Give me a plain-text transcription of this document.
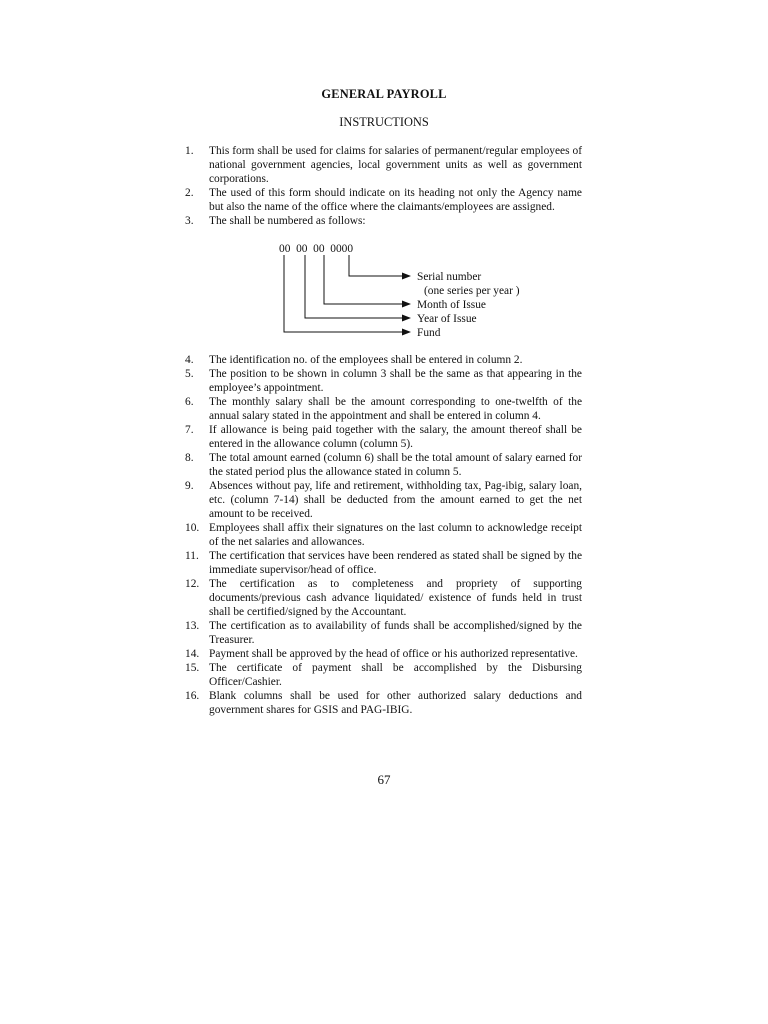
GENERAL PAYROLL
INSTRUCTIONS
1.	This form shall be used for claims for salaries of permanent/regular employees of national government agencies, local government units as well as government corporations.
2.	The used of this form should indicate on its heading not only the Agency name but also the name of the office where the claimants/employees are assigned.
3.	The shall be numbered as follows:
00  00  00  0000
Serial number
(one series per year )
Month of Issue
Year of Issue
Fund
4.	The identification no. of the employees shall be entered in column 2.
5.	The position to be shown in column 3 shall be the same as that appearing in the employee’s appointment.
6.	The monthly salary shall be the amount corresponding to one-twelfth of the annual salary stated in the appointment and shall be entered in column 4.
7.	If allowance is being paid together with the salary, the amount thereof shall be entered in the allowance column (column 5).
8.	The total amount earned (column 6) shall be the total amount of salary earned for the stated period plus the allowance stated in column 5.
9.	Absences without pay, life and retirement, withholding tax, Pag-ibig, salary loan, etc. (column 7-14) shall be deducted from the amount earned to get the net amount to be received.
10. Employees shall affix their signatures on the last column to acknowledge receipt of the net salaries and allowances.
11. The certification that services have been rendered as stated shall be signed by the immediate supervisor/head of office.
12. The certification as to completeness and propriety of supporting documents/previous cash advance liquidated/ existence of funds held in trust shall be certified/signed by the Accountant.
13. The certification as to availability of funds shall be accomplished/signed by the Treasurer.
14. Payment shall be approved by the head of office or his authorized representative.
15. The certificate of payment shall be accomplished by the Disbursing Officer/Cashier.
16. Blank columns shall be used for other authorized salary deductions and government shares for GSIS and PAG-IBIG.
67
